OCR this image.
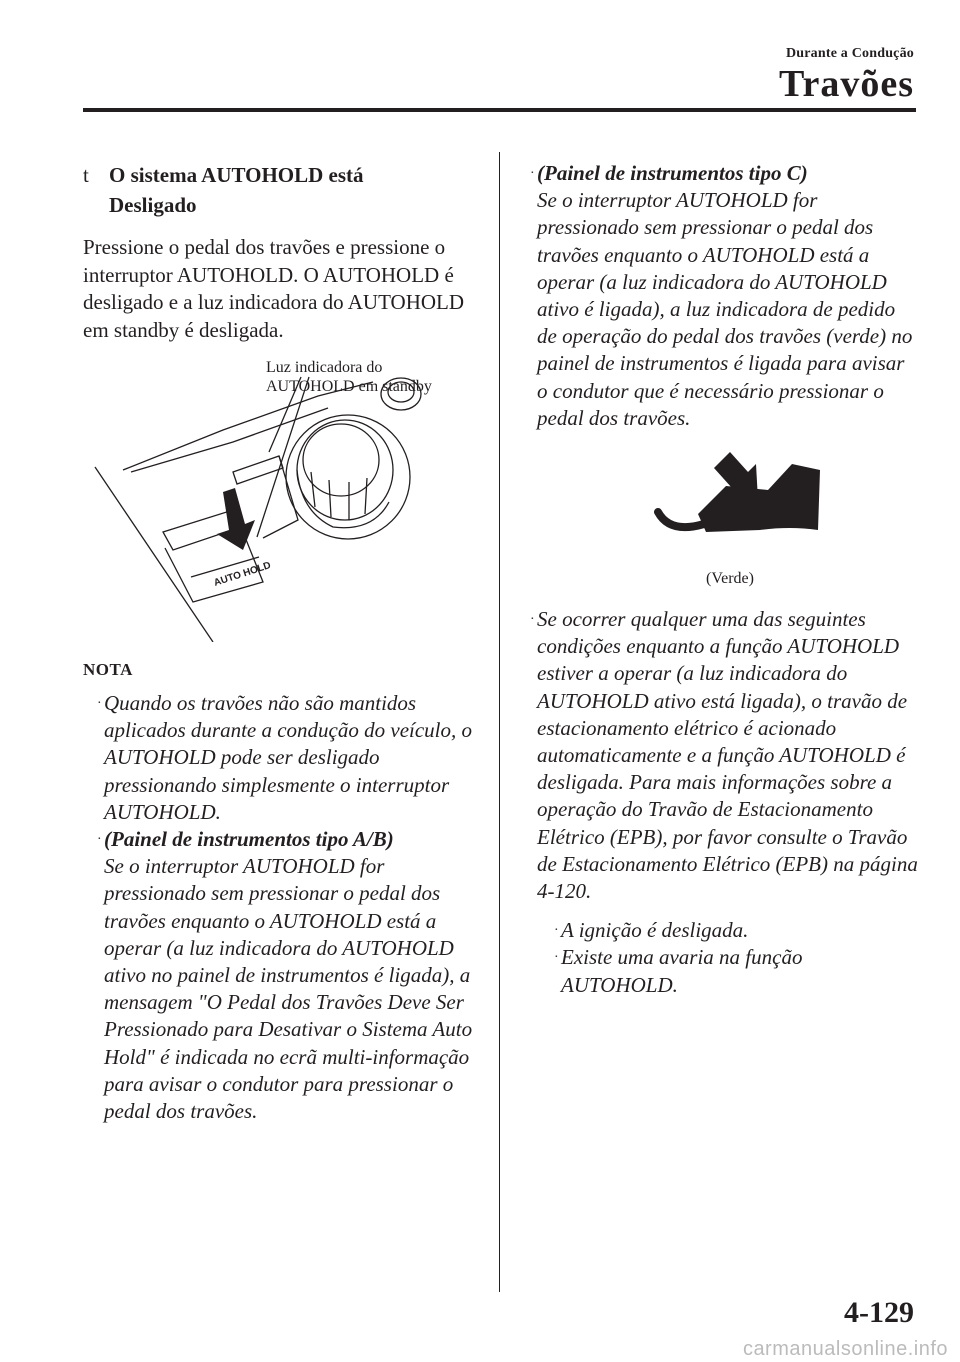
Durante a Condução
Travões
t O sistema AUTOHOLD está Desligado

Pressione o pedal dos travões e pressione o interruptor AUTOHOLD. O AUTOHOLD é desligado e a luz indicadora do AUTOHOLD em standby é desligada.

AUTO HOLD
Luz indicadora do
AUTOHOLD em standby
NOTA
· Quando os travões não são mantidos aplicados durante a condução do veículo, o AUTOHOLD pode ser desligado pressionando simplesmente o interruptor AUTOHOLD.
· (Painel de instrumentos tipo A/B)
Se o interruptor AUTOHOLD for pressionado sem pressionar o pedal dos travões enquanto o AUTOHOLD está a operar (a luz indicadora do AUTOHOLD ativo no painel de instrumentos é ligada), a mensagem "O Pedal dos Travões Deve Ser Pressionado para Desativar o Sistema Auto Hold" é indicada no ecrã multi-informação para avisar o condutor para pressionar o pedal dos travões.
· (Painel de instrumentos tipo C)
Se o interruptor AUTOHOLD for pressionado sem pressionar o pedal dos travões enquanto o AUTOHOLD está a operar (a luz indicadora do AUTOHOLD ativo é ligada), a luz indicadora de pedido de operação do pedal dos travões (verde) no painel de instrumentos é ligada para avisar o condutor que é necessário pressionar o pedal dos travões.
(Verde)
· Se ocorrer qualquer uma das seguintes condições enquanto a função AUTOHOLD estiver a operar (a luz indicadora do AUTOHOLD ativo está ligada), o travão de estacionamento elétrico é acionado automaticamente e a função AUTOHOLD é desligada. Para mais informações sobre a operação do Travão de Estacionamento Elétrico (EPB), por favor consulte o Travão de Estacionamento Elétrico (EPB) na página 4-120.
· A ignição é desligada.
· Existe uma avaria na função AUTOHOLD.
4-129
carmanualsonline.info
